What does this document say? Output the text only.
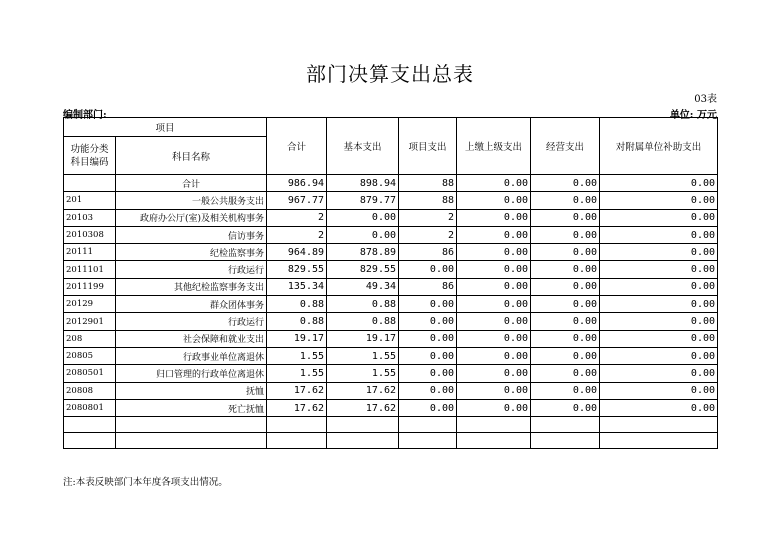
部门决算支出总表
03表
编制部门:	单位: 万元
项目		合计	基本支出	项目支出	上缴上级支出	经营支出	对附属单位补助支出
功能分类科目编码	科目名称						
	合计	986.94	898.94	88	0.00	0.00	0.00
201	一般公共服务支出	967.77	879.77	88	0.00	0.00	0.00
20103	政府办公厅(室)及相关机构事务	2	0.00	2	0.00	0.00	0.00
2010308	信访事务	2	0.00	2	0.00	0.00	0.00
20111	纪检监察事务	964.89	878.89	86	0.00	0.00	0.00
2011101	行政运行	829.55	829.55	0.00	0.00	0.00	0.00
2011199	其他纪检监察事务支出	135.34	49.34	86	0.00	0.00	0.00
20129	群众团体事务	0.88	0.88	0.00	0.00	0.00	0.00
2012901	行政运行	0.88	0.88	0.00	0.00	0.00	0.00
208	社会保障和就业支出	19.17	19.17	0.00	0.00	0.00	0.00
20805	行政事业单位离退休	1.55	1.55	0.00	0.00	0.00	0.00
2080501	归口管理的行政单位离退休	1.55	1.55	0.00	0.00	0.00	0.00
20808	抚恤	17.62	17.62	0.00	0.00	0.00	0.00
2080801	死亡抚恤	17.62	17.62	0.00	0.00	0.00	0.00

注:本表反映部门本年度各项支出情况。
